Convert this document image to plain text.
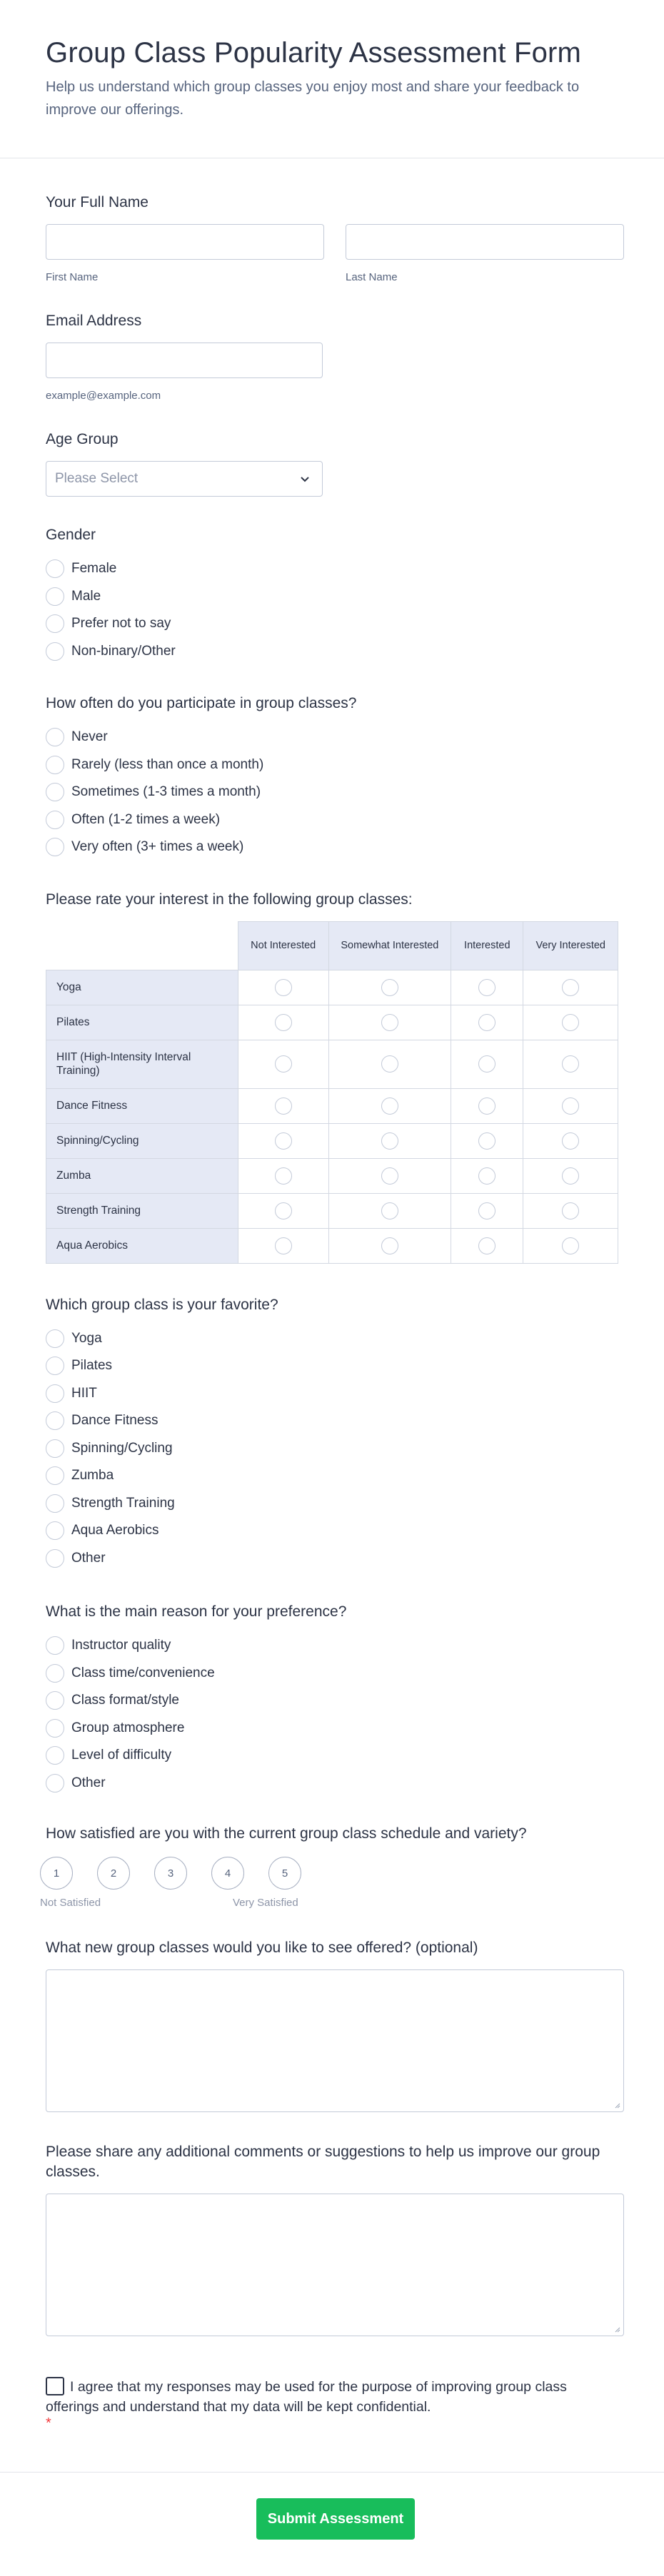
Group Class Popularity Assessment Form

Help us understand which group classes you enjoy most and share your feedback to improve our offerings.

Your Full Name
First Name	Last Name
Email Address
example@example.com
Age Group
Please Select
Gender
Female
Male
Prefer not to say
Non-binary/Other
How often do you participate in group classes?
Never
Rarely (less than once a month)
Sometimes (1-3 times a month)
Often (1-2 times a week)
Very often (3+ times a week)
Please rate your interest in the following group classes:
	Not Interested	Somewhat Interested	Interested	Very Interested
Yoga				
Pilates				
HIIT (High-Intensity Interval Training)				
Dance Fitness				
Spinning/Cycling				
Zumba				
Strength Training				
Aqua Aerobics				
Which group class is your favorite?
Yoga
Pilates
HIIT
Dance Fitness
Spinning/Cycling
Zumba
Strength Training
Aqua Aerobics
Other
What is the main reason for your preference?
Instructor quality
Class time/convenience
Class format/style
Group atmosphere
Level of difficulty
Other
How satisfied are you with the current group class schedule and variety?
1	2	3	4	5
Not Satisfied	Very Satisfied
What new group classes would you like to see offered? (optional)
Please share any additional comments or suggestions to help us improve our group classes.
I agree that my responses may be used for the purpose of improving group class offerings and understand that my data will be kept confidential.
*
Submit Assessment
